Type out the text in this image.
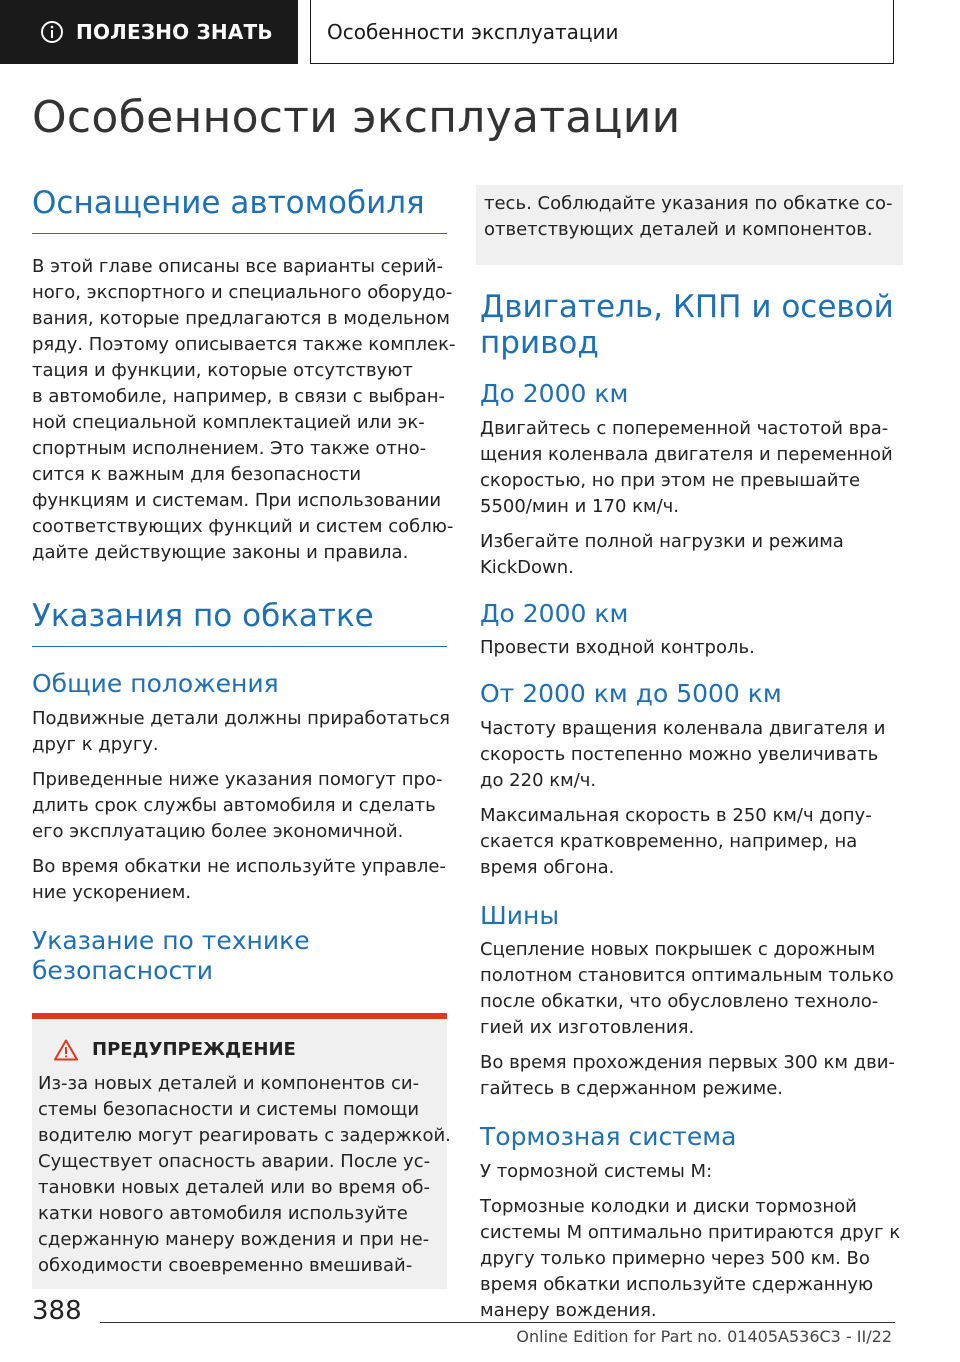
ПОЛЕЗНО ЗНАТЬ	Особенности эксплуатации
Особенности эксплуатации
Оснащение автомобиля
В этой главе описаны все варианты серий-
ного, экспортного и специального оборудо-
вания, которые предлагаются в модельном
ряду. Поэтому описывается также комплек-
тация и функции, которые отсутствуют
в автомобиле, например, в связи с выбран-
ной специальной комплектацией или эк-
спортным исполнением. Это также отно-
сится к важным для безопасности
функциям и системам. При использовании
соответствующих функций и систем соблю-
дайте действующие законы и правила.
Указания по обкатке
Общие положения
Подвижные детали должны приработаться
друг к другу.
Приведенные ниже указания помогут про-
длить срок службы автомобиля и сделать
его эксплуатацию более экономичной.
Во время обкатки не используйте управле-
ние ускорением.
Указание по технике
безопасности
ПРЕДУПРЕЖДЕНИЕ
Из-за новых деталей и компонентов си-
стемы безопасности и системы помощи
водителю могут реагировать с задержкой.
Существует опасность аварии. После ус-
тановки новых деталей или во время об-
катки нового автомобиля используйте
сдержанную манеру вождения и при не-
обходимости своевременно вмешивай-
тесь. Соблюдайте указания по обкатке со-
ответствующих деталей и компонентов.
Двигатель, КПП и осевой привод
До 2000 км
Двигайтесь с попеременной частотой вра-
щения коленвала двигателя и переменной
скоростью, но при этом не превышайте
5500/мин и 170 км/ч.
Избегайте полной нагрузки и режима
KickDown.
До 2000 км
Провести входной контроль.
От 2000 км до 5000 км
Частоту вращения коленвала двигателя и
скорость постепенно можно увеличивать
до 220 км/ч.
Максимальная скорость в 250 км/ч допу-
скается кратковременно, например, на
время обгона.
Шины
Сцепление новых покрышек с дорожным
полотном становится оптимальным только
после обкатки, что обусловлено техноло-
гией их изготовления.
Во время прохождения первых 300 км дви-
гайтесь в сдержанном режиме.
Тормозная система
У тормозной системы М:
Тормозные колодки и диски тормозной
системы М оптимально притираются друг к
другу только примерно через 500 км. Во
время обкатки используйте сдержанную
манеру вождения.
388
Online Edition for Part no. 01405A536C3 - II/22
